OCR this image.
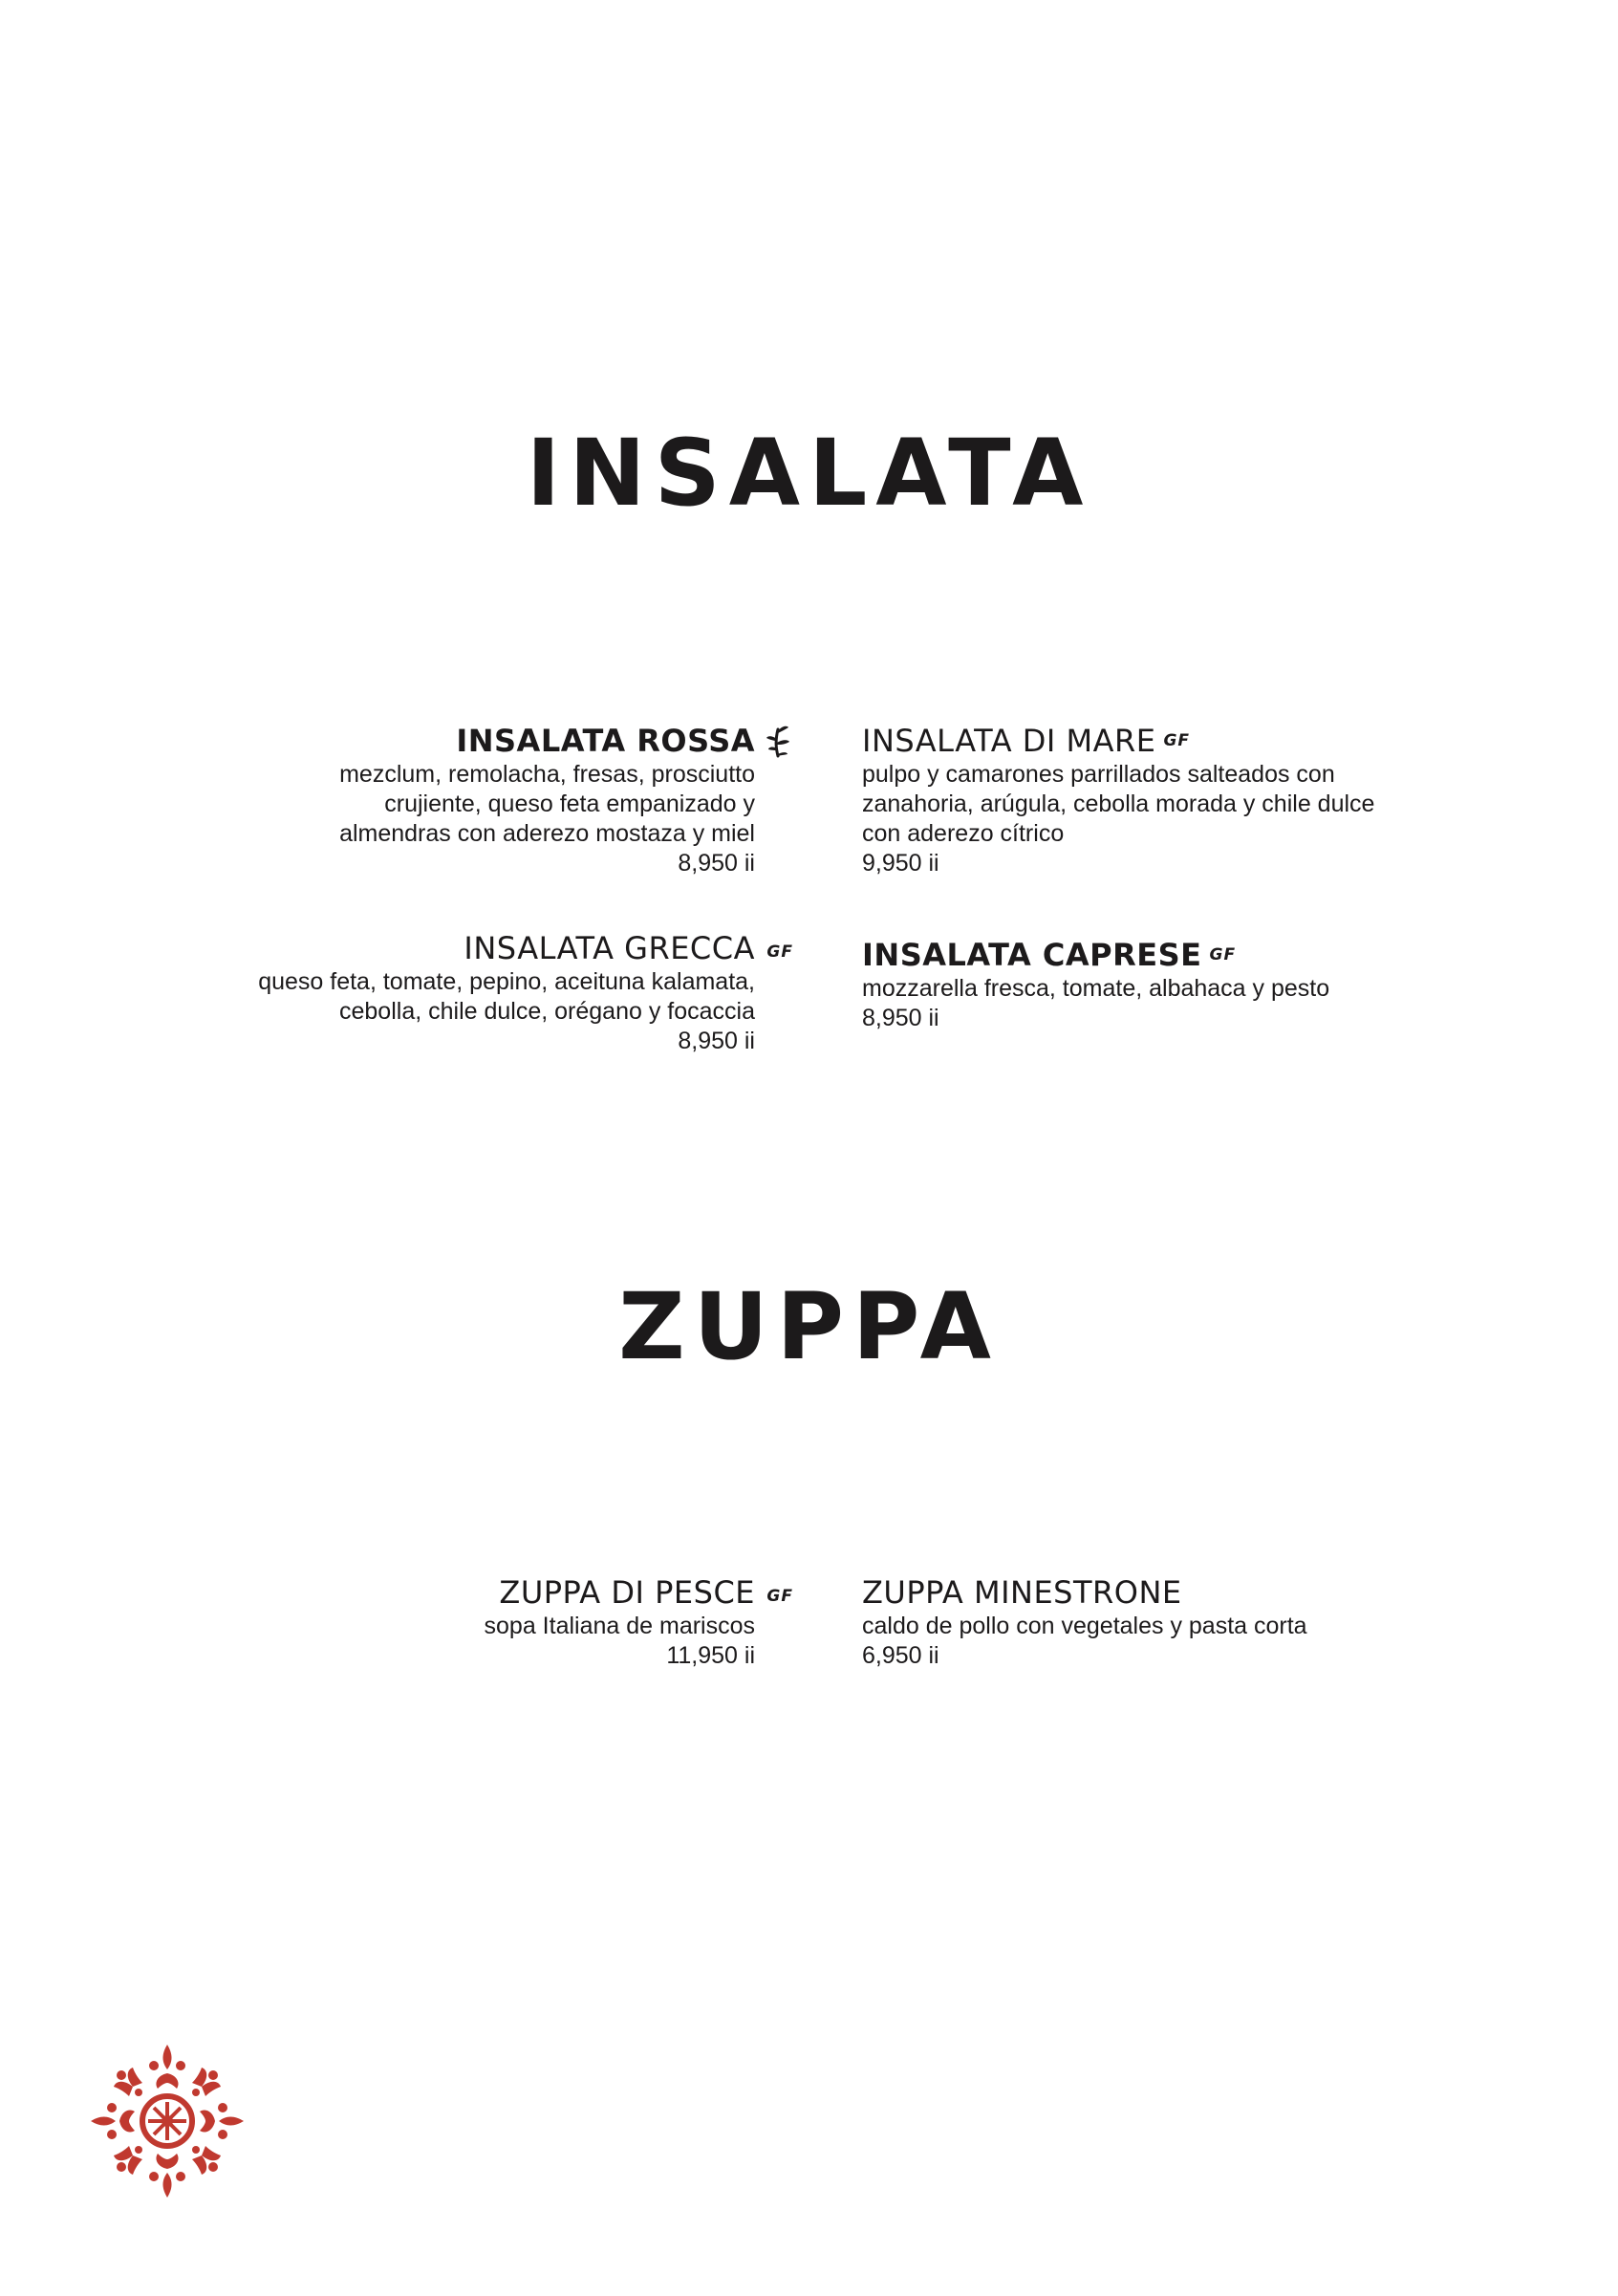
INSALATA
INSALATA ROSSA
mezclum, remolacha, fresas, prosciutto
crujiente, queso feta empanizado y
almendras con aderezo mostaza y miel
8,950 ii
INSALATA DI MARE GF
pulpo y camarones parrillados salteados con
zanahoria, arúgula, cebolla morada y chile dulce
con aderezo cítrico
9,950 ii
INSALATA GRECCA GF
queso feta, tomate, pepino, aceituna kalamata,
cebolla, chile dulce, orégano y focaccia
8,950 ii
INSALATA CAPRESE GF
mozzarella fresca, tomate, albahaca y pesto
8,950 ii
ZUPPA
ZUPPA DI PESCE GF
sopa Italiana de mariscos
11,950 ii
ZUPPA MINESTRONE
caldo de pollo con vegetales y pasta corta
6,950 ii
